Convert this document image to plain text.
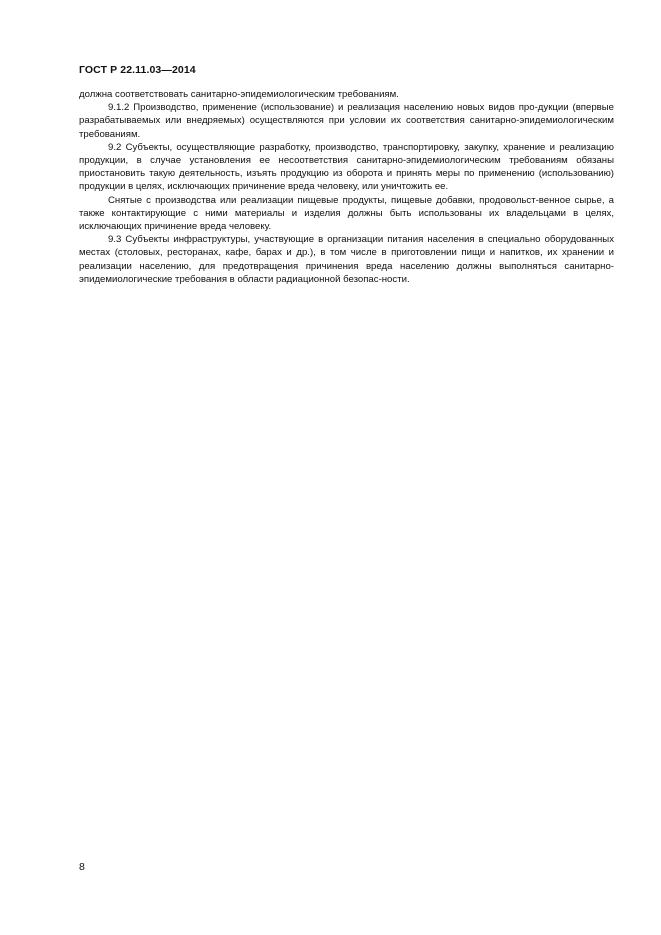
ГОСТ Р 22.11.03—2014

должна соответствовать санитарно-эпидемиологическим требованиям.

9.1.2 Производство, применение (использование) и реализация населению новых видов про-дукции (впервые разрабатываемых или внедряемых) осуществляются при условии их соответствия санитарно-эпидемиологическим требованиям.

9.2 Субъекты, осуществляющие разработку, производство, транспортировку, закупку, хранение и реализацию продукции, в случае установления ее несоответствия санитарно-эпидемиологическим требованиям обязаны приостановить такую деятельность, изъять продукцию из оборота и принять меры по применению (использованию) продукции в целях, исключающих причинение вреда человеку, или уничтожить ее.

Снятые с производства или реализации пищевые продукты, пищевые добавки, продовольст-венное сырье, а также контактирующие с ними материалы и изделия должны быть использованы их владельцами в целях, исключающих причинение вреда человеку.

9.3 Субъекты инфраструктуры, участвующие в организации питания населения в специально оборудованных местах (столовых, ресторанах, кафе, барах и др.), в том числе в приготовлении пищи и напитков, их хранении и реализации населению, для предотвращения причинения вреда населению должны выполняться санитарно-эпидемиологические требования в области радиационной безопас-ности.

8
